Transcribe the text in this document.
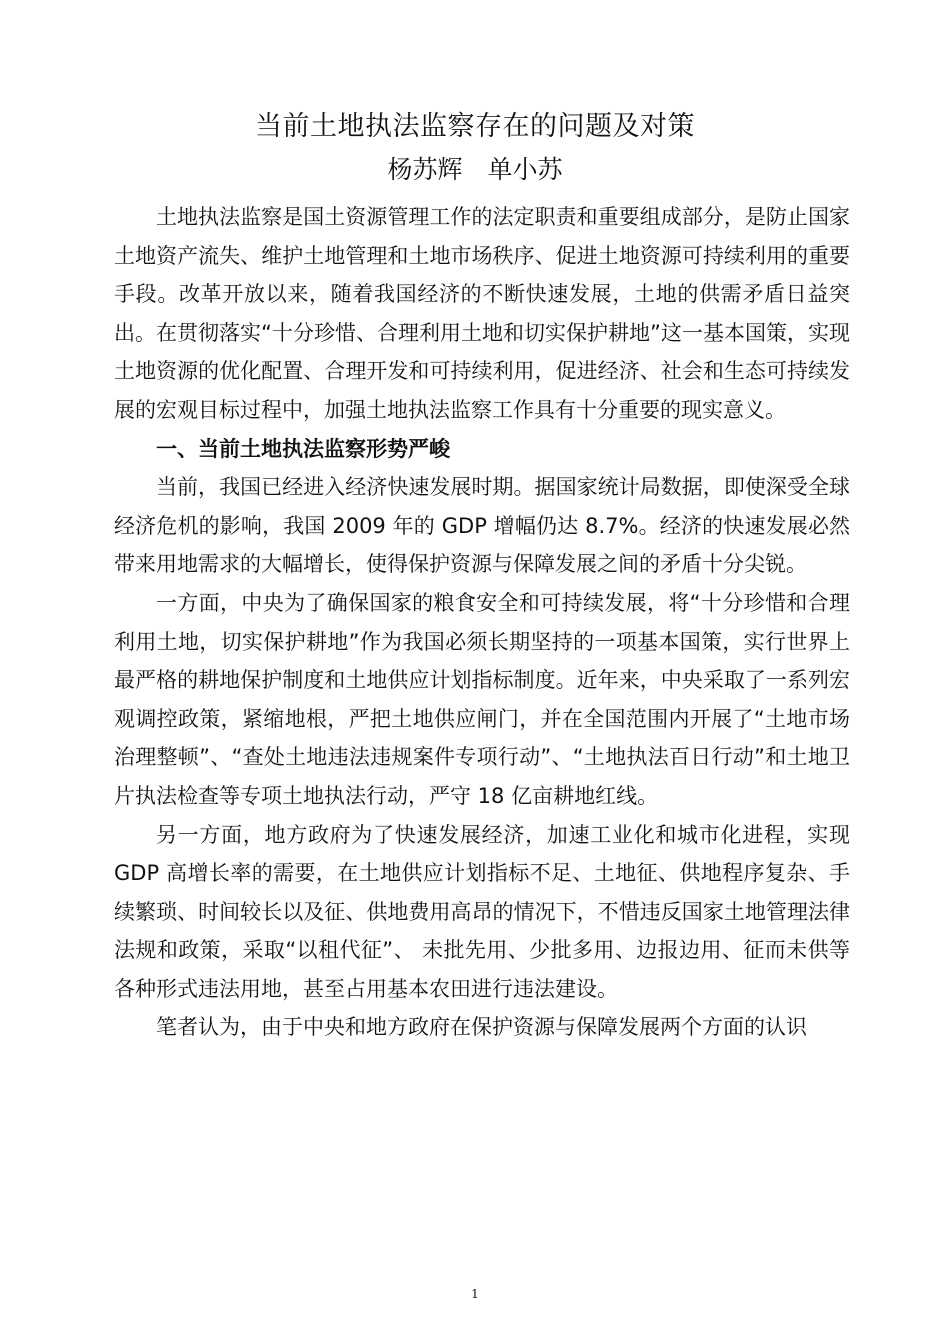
当前土地执法监察存在的问题及对策
杨苏辉　单小苏

土地执法监察是国土资源管理工作的法定职责和重要组成部分，是防止国家土地资产流失、维护土地管理和土地市场秩序、促进土地资源可持续利用的重要手段。改革开放以来，随着我国经济的不断快速发展，土地的供需矛盾日益突出。在贯彻落实“十分珍惜、合理利用土地和切实保护耕地”这一基本国策，实现土地资源的优化配置、合理开发和可持续利用，促进经济、社会和生态可持续发展的宏观目标过程中，加强土地执法监察工作具有十分重要的现实意义。

一、当前土地执法监察形势严峻

当前，我国已经进入经济快速发展时期。据国家统计局数据，即使深受全球经济危机的影响，我国 2009 年的 GDP 增幅仍达 8.7%。经济的快速发展必然带来用地需求的大幅增长，使得保护资源与保障发展之间的矛盾十分尖锐。

一方面，中央为了确保国家的粮食安全和可持续发展，将“十分珍惜和合理利用土地，切实保护耕地”作为我国必须长期坚持的一项基本国策，实行世界上最严格的耕地保护制度和土地供应计划指标制度。近年来，中央采取了一系列宏观调控政策，紧缩地根，严把土地供应闸门，并在全国范围内开展了“土地市场治理整顿”、“查处土地违法违规案件专项行动”、“土地执法百日行动”和土地卫片执法检查等专项土地执法行动，严守 18 亿亩耕地红线。

另一方面，地方政府为了快速发展经济，加速工业化和城市化进程，实现 GDP 高增长率的需要，在土地供应计划指标不足、土地征、供地程序复杂、手续繁琐、时间较长以及征、供地费用高昂的情况下，不惜违反国家土地管理法律法规和政策，采取“以租代征”、 未批先用、少批多用、边报边用、征而未供等各种形式违法用地，甚至占用基本农田进行违法建设。

笔者认为，由于中央和地方政府在保护资源与保障发展两个方面的认识

1
